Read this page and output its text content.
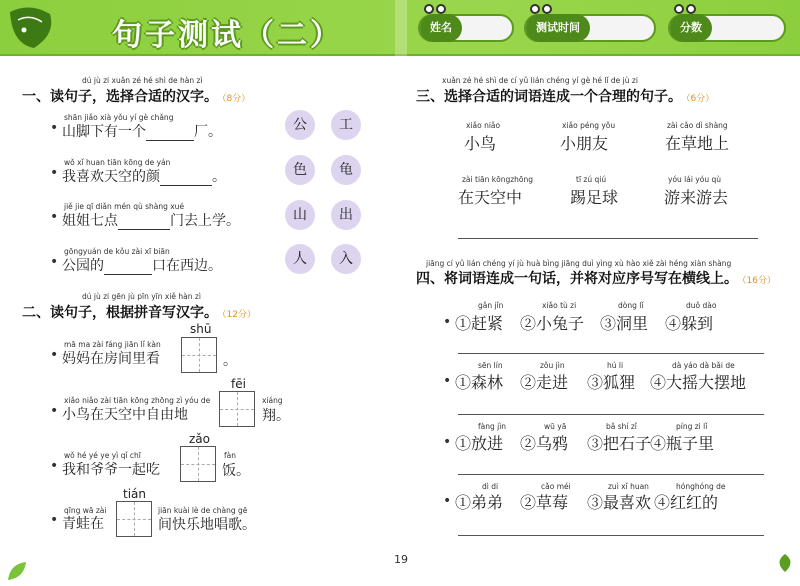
句子测试（二）	姓名	测试时间	分数
dú jù zi xuǎn zé hé shì de hàn zì
一、读句子，选择合适的汉字。 （8分）
shān jiǎo xià yǒu yí gè chǎng
• 山脚下有一个	厂。
wǒ xǐ huan tiān kōng de yán
• 我喜欢天空的颜	。
jiě jie qī diǎn mén qù shàng xué
• 姐姐七点	门去上学。
gōngyuán de kǒu zài xī biān
• 公园的	口在西边。
公	工
色	龟
山	出
人	入
dú jù zi gēn jù pīn yīn xiě hàn zì
二、读句子，根据拼音写汉字。 （12分）
shū
mā ma zài fáng jiān lǐ kàn
• 妈妈在房间里看	。
fēi
xiǎo niǎo zài tiān kōng zhōng zì yóu de	xiáng
• 小鸟在天空中自由地	翔。
zǎo
wǒ hé yé ye yì qǐ chī	fàn
• 我和爷爷一起吃	饭。
tián
qīng wā zài	jiān kuài lè de chàng gē
• 青蛙在	间快乐地唱歌。
xuǎn zé hé shì de cí yǔ lián chéng yí gè hé lǐ de jù zi
三、选择合适的词语连成一个合理的句子。 （6分）
xiǎo niǎo
小鸟
xiǎo péng yǒu
小朋友
zài cǎo dì shàng
在草地上
zài tiān kōngzhōng
在天空中
tī zú qiú
踢足球
yóu lái yóu qù
游来游去
jiāng cí yǔ lián chéng yí jù huà bìng jiāng duì yìng xù hào xiě zài héng xiàn shàng
四、将词语连成一句话，并将对应序号写在横线上。 （16分）
•
gǎn jǐn
①赶紧
xiǎo tù zi
②小兔子
dòng lǐ
③洞里
duǒ dào
④躲到
•
sēn lín
①森林
zǒu jìn
②走进
hú li
③狐狸
dà yáo dà bǎi de
④大摇大摆地
•
fàng jìn
①放进
wū yā
②乌鸦
bǎ shí zǐ
③把石子
píng zi lǐ
④瓶子里
•
dì di
①弟弟
cǎo méi
②草莓
zuì xǐ huan
③最喜欢
hónghóng de
④红红的
19
